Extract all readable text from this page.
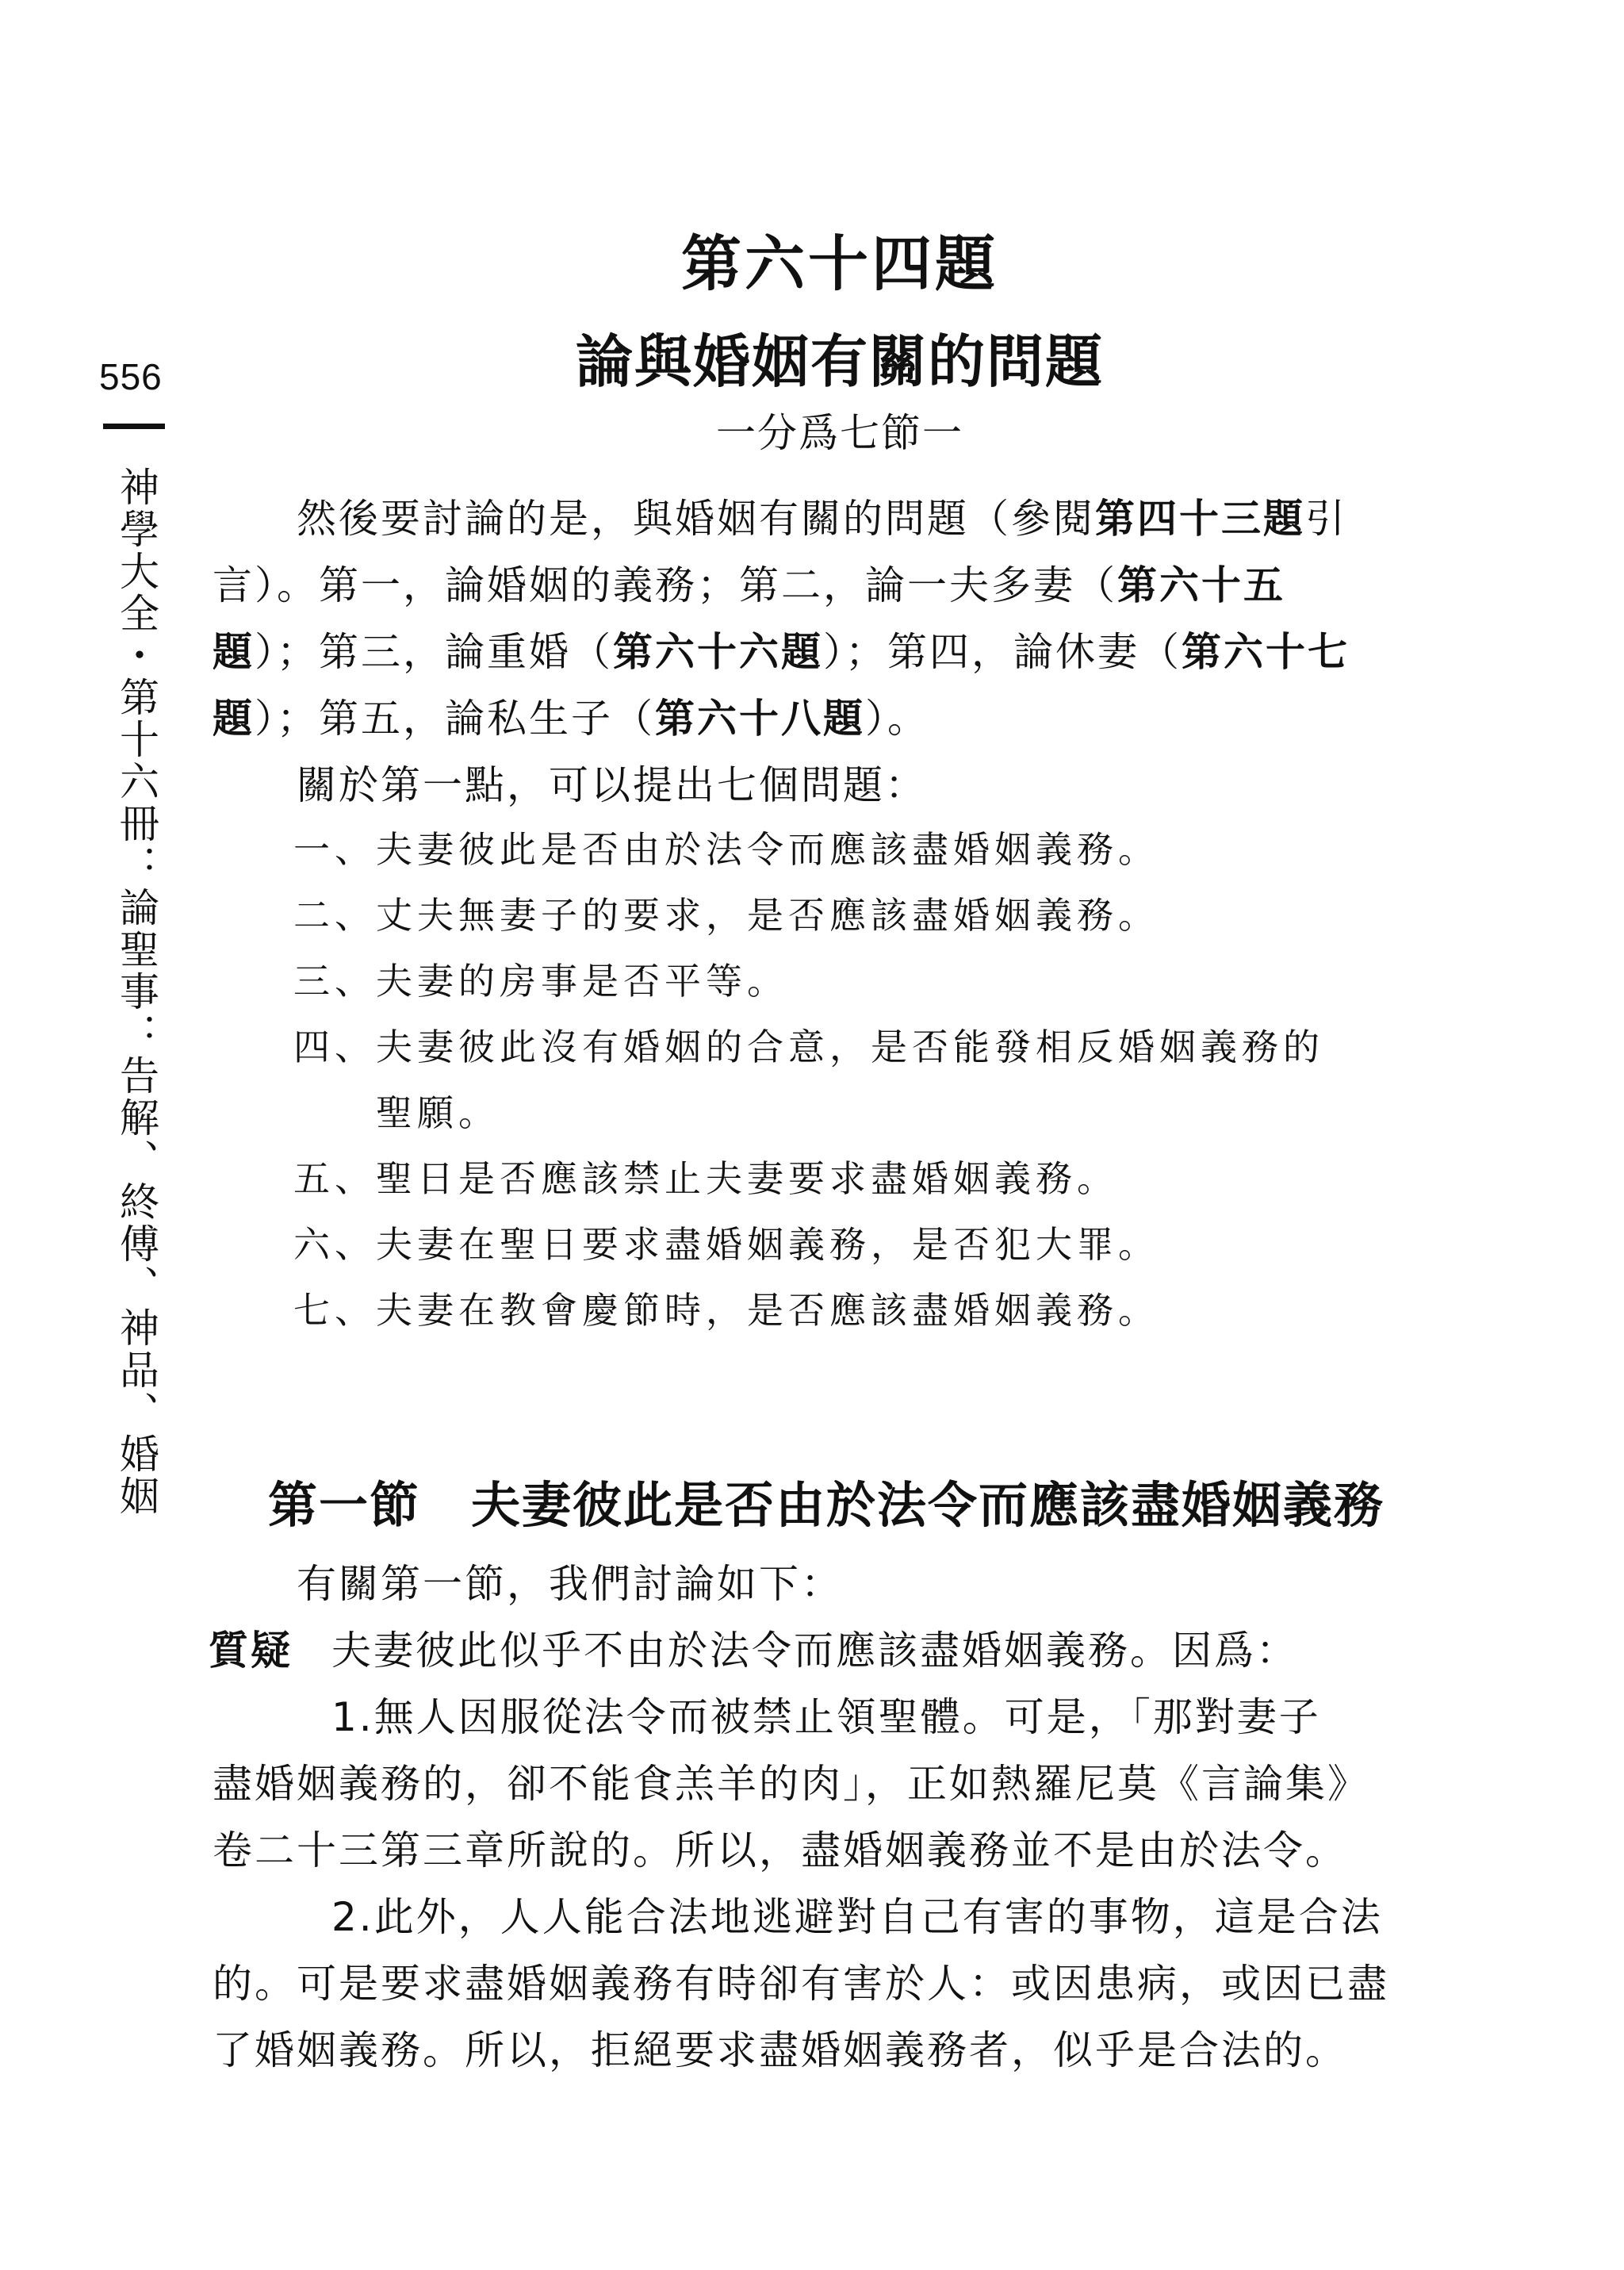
556
神學大全・第十六冊：論聖事：告解、終傅、神品、婚姻
第六十四題
論與婚姻有關的問題
一分爲七節一
然後要討論的是，與婚姻有關的問題（參閱第四十三題引
言）。第一，論婚姻的義務；第二，論一夫多妻（第六十五
題）；第三，論重婚（第六十六題）；第四，論休妻（第六十七
題）；第五，論私生子（第六十八題）。
關於第一點，可以提出七個問題：
一、夫妻彼此是否由於法令而應該盡婚姻義務。
二、丈夫無妻子的要求，是否應該盡婚姻義務。
三、夫妻的房事是否平等。
四、夫妻彼此沒有婚姻的合意，是否能發相反婚姻義務的
聖願。
五、聖日是否應該禁止夫妻要求盡婚姻義務。
六、夫妻在聖日要求盡婚姻義務，是否犯大罪。
七、夫妻在教會慶節時，是否應該盡婚姻義務。
第一節 夫妻彼此是否由於法令而應該盡婚姻義務
有關第一節，我們討論如下：
質疑 夫妻彼此似乎不由於法令而應該盡婚姻義務。因爲：
1.無人因服從法令而被禁止領聖體。可是，「那對妻子
盡婚姻義務的，卻不能食羔羊的肉」，正如熱羅尼莫《言論集》
卷二十三第三章所說的。所以，盡婚姻義務並不是由於法令。
2.此外，人人能合法地逃避對自己有害的事物，這是合法
的。可是要求盡婚姻義務有時卻有害於人：或因患病，或因已盡
了婚姻義務。所以，拒絕要求盡婚姻義務者，似乎是合法的。
